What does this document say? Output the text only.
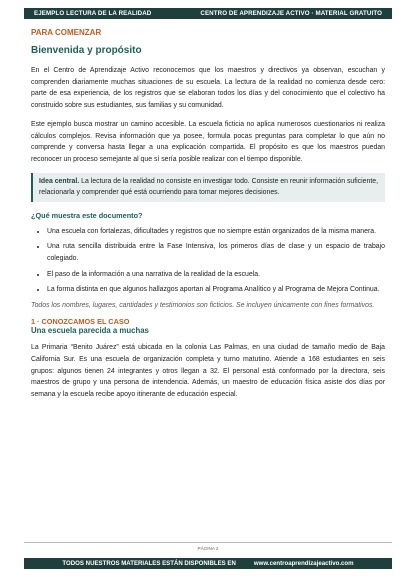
EJEMPLO LECTURA DE LA REALIDAD	CENTRO DE APRENDIZAJE ACTIVO · MATERIAL GRATUITO
PARA COMENZAR
Bienvenida y propósito

En el Centro de Aprendizaje Activo reconocemos que los maestros y directivos ya observan, escuchan y comprenden diariamente muchas situaciones de su escuela. La lectura de la realidad no comienza desde cero: parte de esa experiencia, de los registros que se elaboran todos los días y del conocimiento que el colectivo ha construido sobre sus estudiantes, sus familias y su comunidad.

Este ejemplo busca mostrar un camino accesible. La escuela ficticia no aplica numerosos cuestionarios ni realiza cálculos complejos. Revisa información que ya posee, formula pocas preguntas para completar lo que aún no comprende y conversa hasta llegar a una explicación compartida. El propósito es que los maestros puedan reconocer un proceso semejante al que sí sería posible realizar con el tiempo disponible.

Idea central. La lectura de la realidad no consiste en investigar todo. Consiste en reunir información suficiente, relacionarla y comprender qué está ocurriendo para tomar mejores decisiones.
¿Qué muestra este documento?
• Una escuela con fortalezas, dificultades y registros que no siempre están organizados de la misma manera.
• Una ruta sencilla distribuida entre la Fase Intensiva, los primeros días de clase y un espacio de trabajo colegiado.
• El paso de la información a una narrativa de la realidad de la escuela.
• La forma distinta en que algunos hallazgos aportan al Programa Analítico y al Programa de Mejora Continua.
Todos los nombres, lugares, cantidades y testimonios son ficticios. Se incluyen únicamente con fines formativos.
1 · CONOZCAMOS EL CASO
Una escuela parecida a muchas

La Primaria “Benito Juárez” está ubicada en la colonia Las Palmas, en una ciudad de tamaño medio de Baja California Sur. Es una escuela de organización completa y turno matutino. Atiende a 168 estudiantes en seis grupos: algunos tienen 24 integrantes y otros llegan a 32. El personal está conformado por la directora, seis maestros de grupo y una persona de intendencia. Además, un maestro de educación física asiste dos días por semana y la escuela recibe apoyo itinerante de educación especial.

PÁGINA 2
TODOS NUESTROS MATERIALES ESTÁN DISPONIBLES EN	www.centroaprendizajeactivo.com
